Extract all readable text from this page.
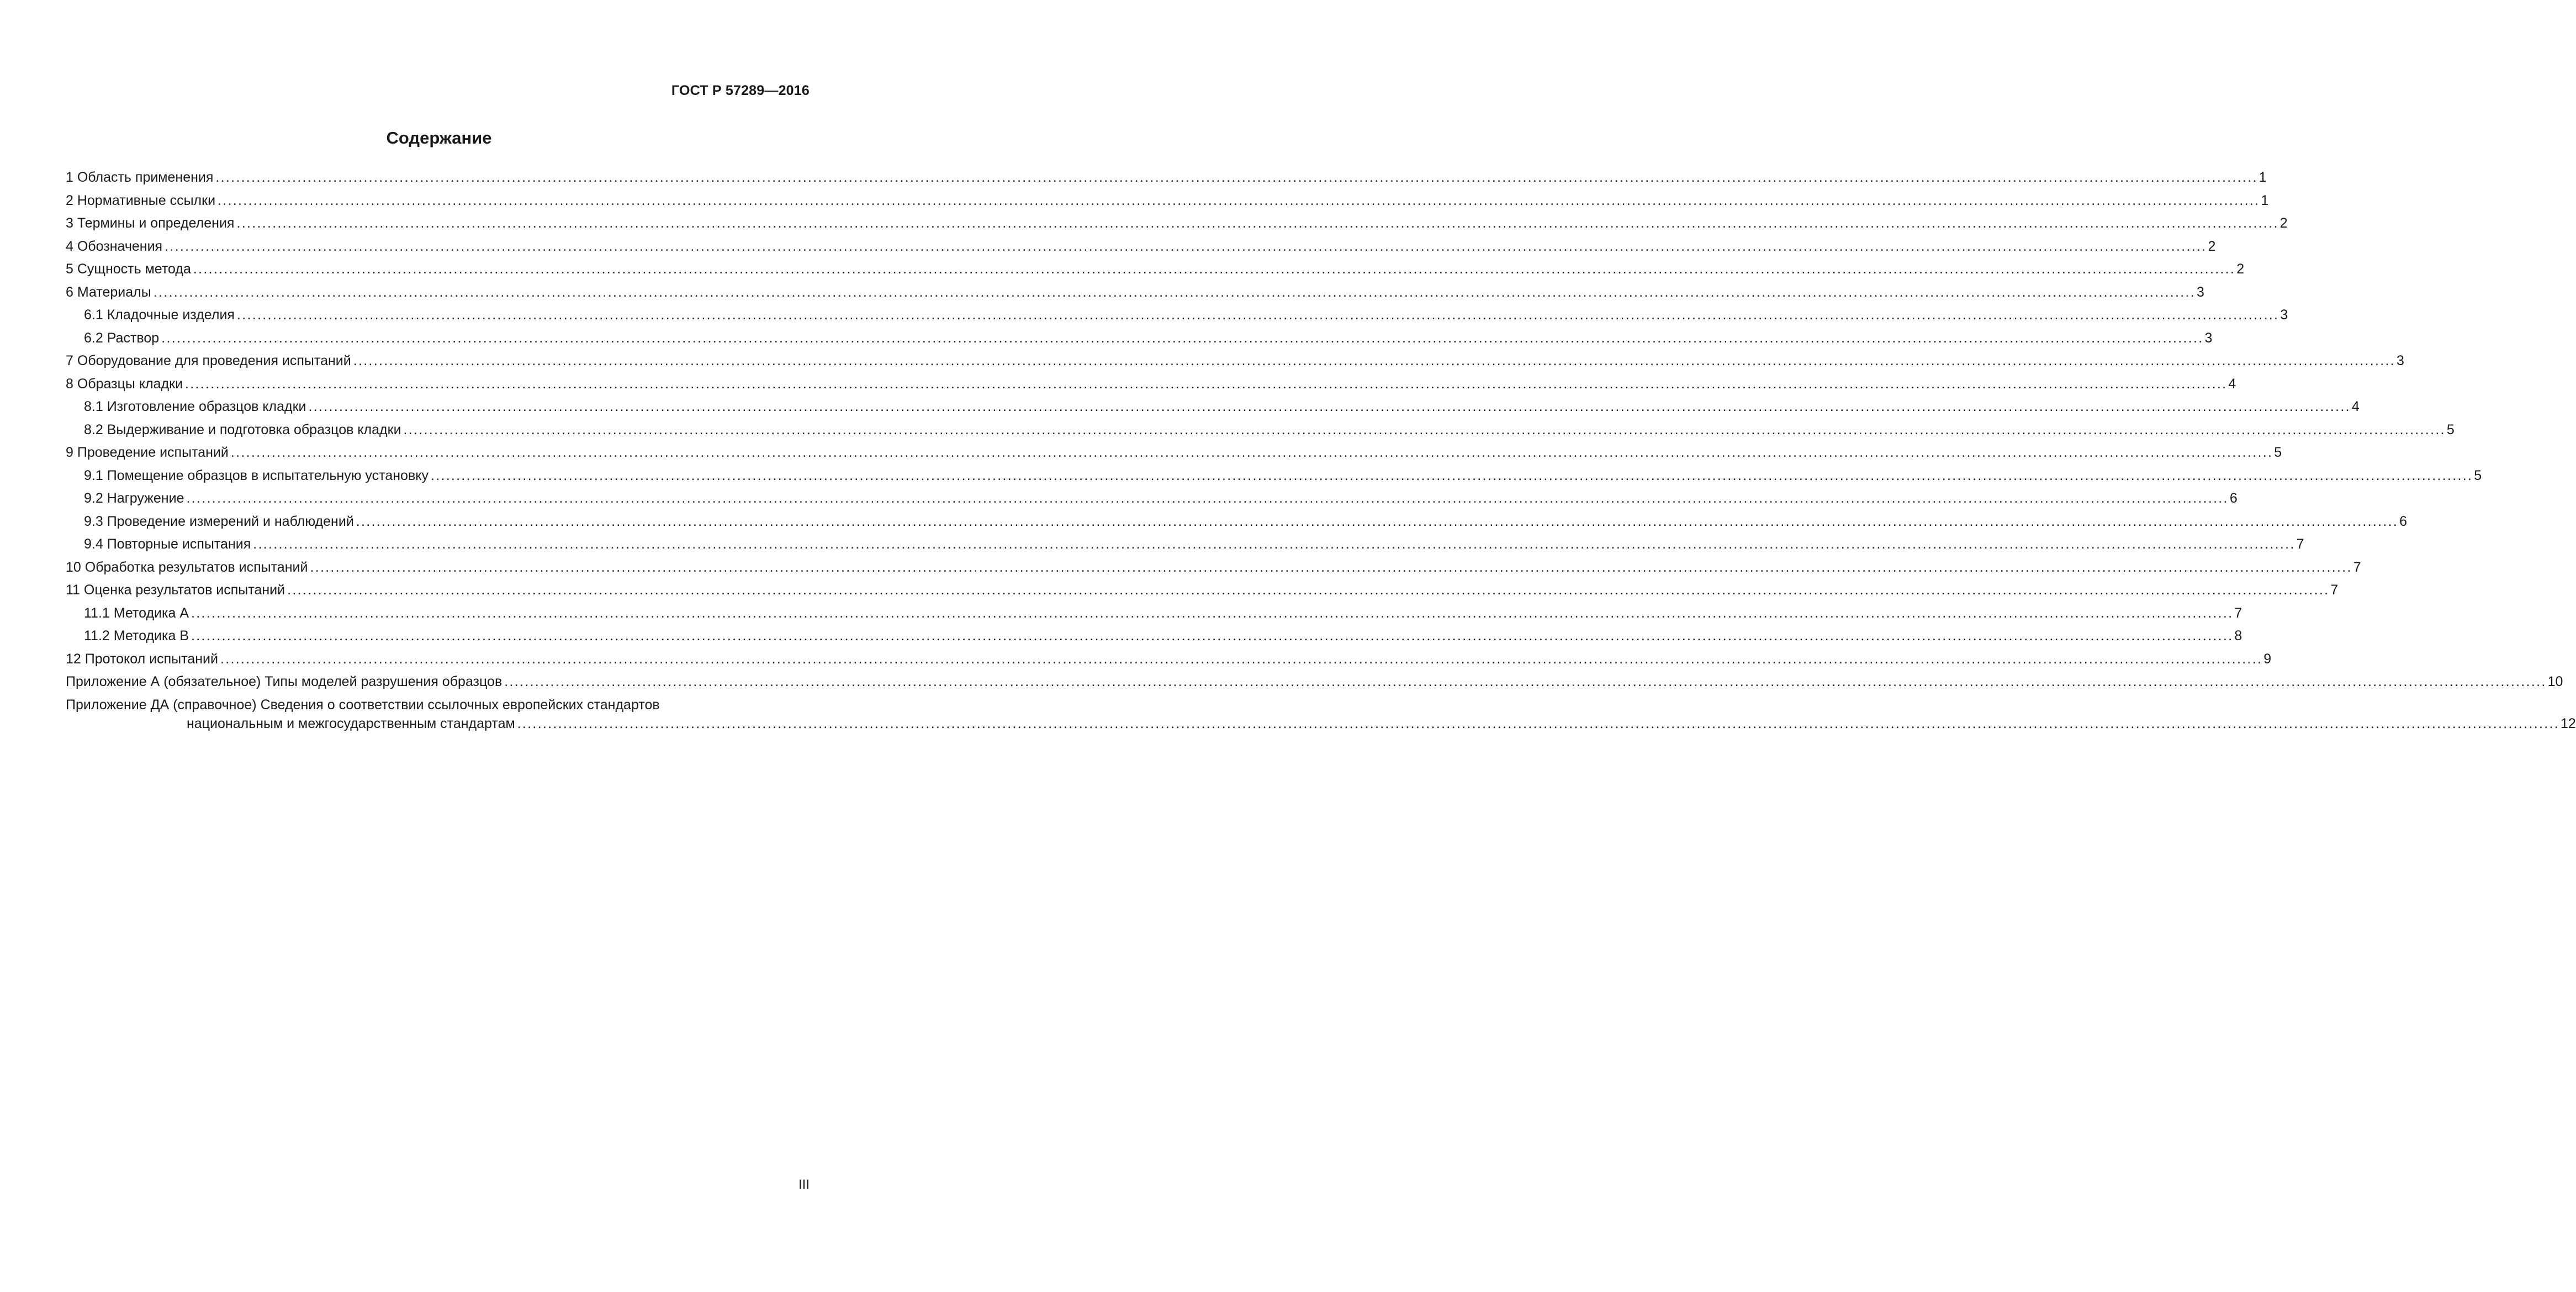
ГОСТ Р 57289—2016
Содержание
1 Область применения ................................................................................................................................................................................................................................................................................................................................................................................................................ 1
2 Нормативные ссылки ................................................................................................................................................................................................................................................................................................................................................................................................................ 1
3 Термины и определения ................................................................................................................................................................................................................................................................................................................................................................................................................ 2
4 Обозначения ................................................................................................................................................................................................................................................................................................................................................................................................................ 2
5 Сущность метода ................................................................................................................................................................................................................................................................................................................................................................................................................ 2
6 Материалы ................................................................................................................................................................................................................................................................................................................................................................................................................ 3
6.1 Кладочные изделия ................................................................................................................................................................................................................................................................................................................................................................................................................ 3
6.2 Раствор ................................................................................................................................................................................................................................................................................................................................................................................................................ 3
7 Оборудование для проведения испытаний ................................................................................................................................................................................................................................................................................................................................................................................................................ 3
8 Образцы кладки ................................................................................................................................................................................................................................................................................................................................................................................................................ 4
8.1 Изготовление образцов кладки ................................................................................................................................................................................................................................................................................................................................................................................................................ 4
8.2 Выдерживание и подготовка образцов кладки ................................................................................................................................................................................................................................................................................................................................................................................................................ 5
9 Проведение испытаний ................................................................................................................................................................................................................................................................................................................................................................................................................ 5
9.1 Помещение образцов в испытательную установку ................................................................................................................................................................................................................................................................................................................................................................................................................ 5
9.2 Нагружение ................................................................................................................................................................................................................................................................................................................................................................................................................ 6
9.3 Проведение измерений и наблюдений ................................................................................................................................................................................................................................................................................................................................................................................................................ 6
9.4 Повторные испытания ................................................................................................................................................................................................................................................................................................................................................................................................................ 7
10 Обработка результатов испытаний ................................................................................................................................................................................................................................................................................................................................................................................................................ 7
11 Оценка результатов испытаний ................................................................................................................................................................................................................................................................................................................................................................................................................ 7
11.1 Методика А ................................................................................................................................................................................................................................................................................................................................................................................................................ 7
11.2 Методика В ................................................................................................................................................................................................................................................................................................................................................................................................................ 8
12 Протокол испытаний ................................................................................................................................................................................................................................................................................................................................................................................................................ 9
Приложение А (обязательное) Типы моделей разрушения образцов ................................................................................................................................................................................................................................................................................................................................................................................................................ 10
Приложение ДА (справочное) Сведения о соответствии ссылочных европейских стандартов
национальным и межгосударственным стандартам ................................................................................................................................................................................................................................................................................................................................................................................................................ 12
III
